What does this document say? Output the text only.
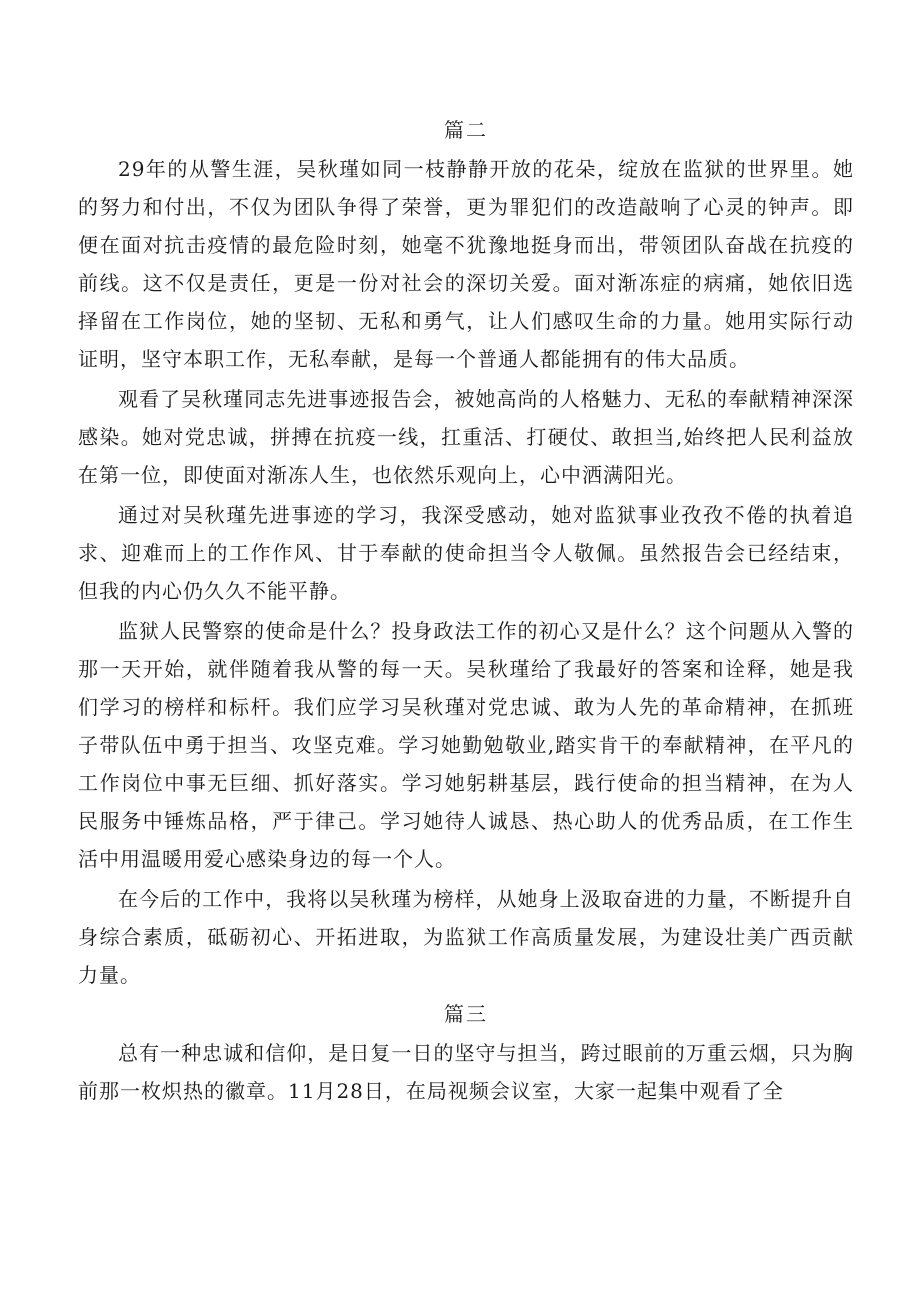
篇二

29年的从警生涯，吴秋瑾如同一枝静静开放的花朵，绽放在监狱的世界里。她的努力和付出，不仅为团队争得了荣誉，更为罪犯们的改造敲响了心灵的钟声。即便在面对抗击疫情的最危险时刻，她毫不犹豫地挺身而出，带领团队奋战在抗疫的前线。这不仅是责任，更是一份对社会的深切关爱。面对渐冻症的病痛，她依旧选择留在工作岗位，她的坚韧、无私和勇气，让人们感叹生命的力量。她用实际行动证明，坚守本职工作，无私奉献，是每一个普通人都能拥有的伟大品质。

观看了吴秋瑾同志先进事迹报告会，被她高尚的人格魅力、无私的奉献精神深深感染。她对党忠诚，拼搏在抗疫一线，扛重活、打硬仗、敢担当,始终把人民利益放在第一位，即使面对渐冻人生，也依然乐观向上，心中洒满阳光。

通过对吴秋瑾先进事迹的学习，我深受感动，她对监狱事业孜孜不倦的执着追求、迎难而上的工作作风、甘于奉献的使命担当令人敬佩。虽然报告会已经结束，但我的内心仍久久不能平静。

监狱人民警察的使命是什么？投身政法工作的初心又是什么？这个问题从入警的那一天开始，就伴随着我从警的每一天。吴秋瑾给了我最好的答案和诠释，她是我们学习的榜样和标杆。我们应学习吴秋瑾对党忠诚、敢为人先的革命精神，在抓班子带队伍中勇于担当、攻坚克难。学习她勤勉敬业,踏实肯干的奉献精神，在平凡的工作岗位中事无巨细、抓好落实。学习她躬耕基层，践行使命的担当精神，在为人民服务中锤炼品格，严于律己。学习她待人诚恳、热心助人的优秀品质，在工作生活中用温暖用爱心感染身边的每一个人。

在今后的工作中，我将以吴秋瑾为榜样，从她身上汲取奋进的力量，不断提升自身综合素质，砥砺初心、开拓进取，为监狱工作高质量发展，为建设壮美广西贡献力量。

篇三

总有一种忠诚和信仰，是日复一日的坚守与担当，跨过眼前的万重云烟，只为胸前那一枚炽热的徽章。11月28日，在局视频会议室，大家一起集中观看了全
